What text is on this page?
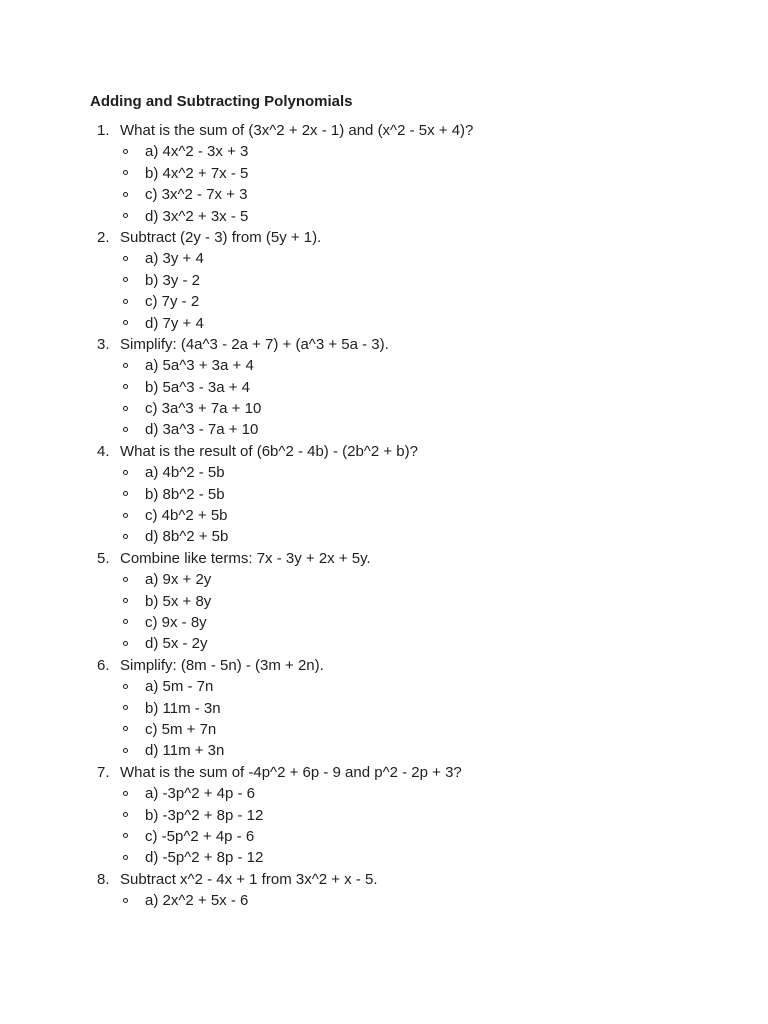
Adding and Subtracting Polynomials
1. What is the sum of (3x^2 + 2x - 1) and (x^2 - 5x + 4)?
a) 4x^2 - 3x + 3
b) 4x^2 + 7x - 5
c) 3x^2 - 7x + 3
d) 3x^2 + 3x - 5
2. Subtract (2y - 3) from (5y + 1).
a) 3y + 4
b) 3y - 2
c) 7y - 2
d) 7y + 4
3. Simplify: (4a^3 - 2a + 7) + (a^3 + 5a - 3).
a) 5a^3 + 3a + 4
b) 5a^3 - 3a + 4
c) 3a^3 + 7a + 10
d) 3a^3 - 7a + 10
4. What is the result of (6b^2 - 4b) - (2b^2 + b)?
a) 4b^2 - 5b
b) 8b^2 - 5b
c) 4b^2 + 5b
d) 8b^2 + 5b
5. Combine like terms: 7x - 3y + 2x + 5y.
a) 9x + 2y
b) 5x + 8y
c) 9x - 8y
d) 5x - 2y
6. Simplify: (8m - 5n) - (3m + 2n).
a) 5m - 7n
b) 11m - 3n
c) 5m + 7n
d) 11m + 3n
7. What is the sum of -4p^2 + 6p - 9 and p^2 - 2p + 3?
a) -3p^2 + 4p - 6
b) -3p^2 + 8p - 12
c) -5p^2 + 4p - 6
d) -5p^2 + 8p - 12
8. Subtract x^2 - 4x + 1 from 3x^2 + x - 5.
a) 2x^2 + 5x - 6
